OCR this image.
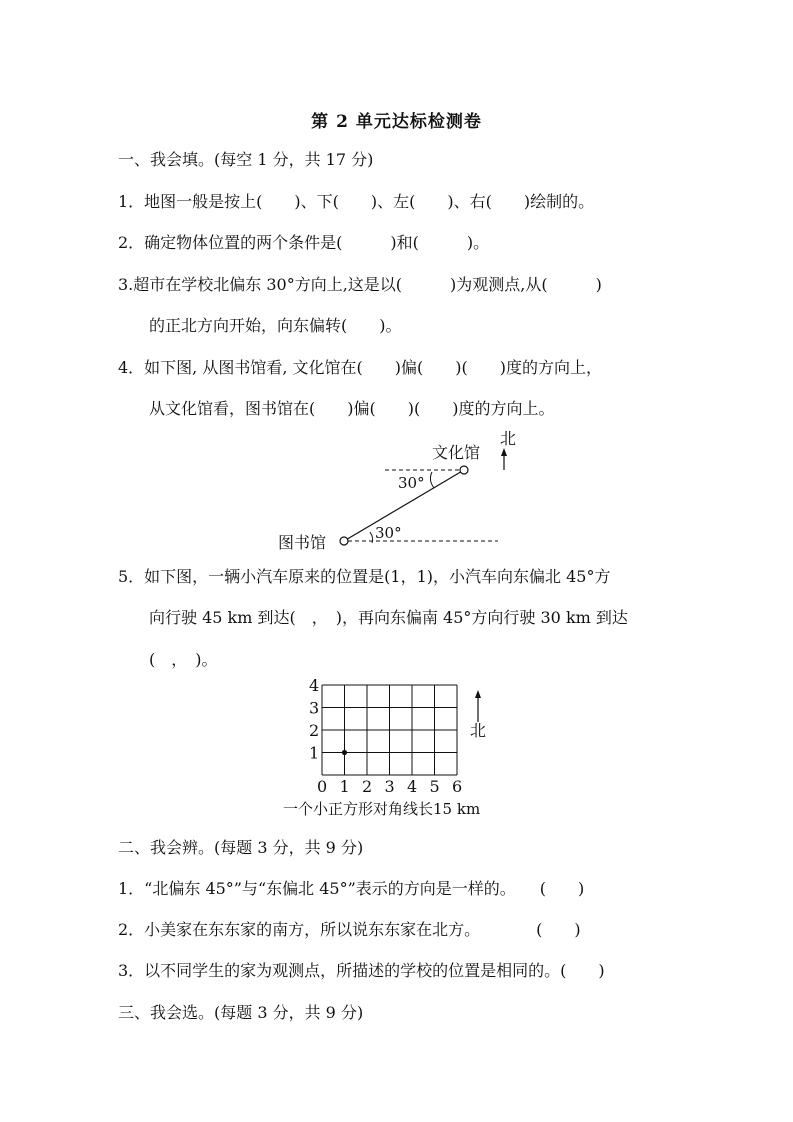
第 2 单元达标检测卷
一、我会填。(每空 1 分，共 17 分)
1．地图一般是按上(　　)、下(　　)、左(　　)、右(　　)绘制的。
2．确定物体位置的两个条件是(　　　)和(　　　)。
3.超市在学校北偏东 30°方向上,这是以(　　　)为观测点,从(　　　)
的正北方向开始，向东偏转(　　)。
4．如下图, 从图书馆看, 文化馆在(　　)偏(　　)(　　)度的方向上，
从文化馆看，图书馆在(　　)偏(　　)(　　)度的方向上。
北
文化馆
30°
30°
图书馆
5．如下图，一辆小汽车原来的位置是(1，1)，小汽车向东偏北 45°方
向行驶 45 km 到达(　，　)，再向东偏南 45°方向行驶 30 km 到达
(　，　)。
0 1 2 3 4 5 6
1
2
3
4
北
一个小正方形对角线长15 km
二、我会辨。(每题 3 分，共 9 分)
1．“北偏东 45°”与“东偏北 45°”表示的方向是一样的。　　(　　)
2．小美家在东东家的南方，所以说东东家在北方。　　　　(　　)
3．以不同学生的家为观测点，所描述的学校的位置是相同的。(　　)
三、我会选。(每题 3 分，共 9 分)
